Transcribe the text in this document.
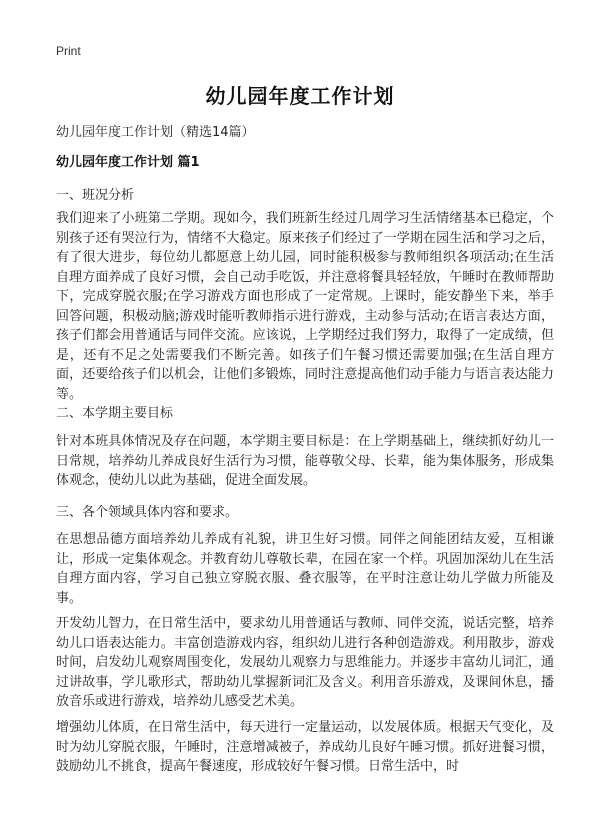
Print
幼儿园年度工作计划
幼儿园年度工作计划（精选14篇）
幼儿园年度工作计划 篇1
一、班况分析
我们迎来了小班第二学期。现如今，我们班新生经过几周学习生活情绪基本已稳定，个别孩子还有哭泣行为，情绪不大稳定。原来孩子们经过了一学期在园生活和学习之后，有了很大进步，每位幼儿都愿意上幼儿园，同时能积极参与教师组织各项活动;在生活自理方面养成了良好习惯，会自己动手吃饭，并注意将餐具轻轻放，午睡时在教师帮助下，完成穿脱衣服;在学习游戏方面也形成了一定常规。上课时，能安静坐下来，举手回答问题，积极动脑;游戏时能听教师指示进行游戏，主动参与活动;在语言表达方面，孩子们都会用普通话与同伴交流。应该说，上学期经过我们努力，取得了一定成绩，但是，还有不足之处需要我们不断完善。如孩子们午餐习惯还需要加强;在生活自理方面，还要给孩子们以机会，让他们多锻炼，同时注意提高他们动手能力与语言表达能力等。
二、本学期主要目标
针对本班具体情况及存在问题，本学期主要目标是：在上学期基础上，继续抓好幼儿一日常规，培养幼儿养成良好生活行为习惯，能尊敬父母、长辈，能为集体服务，形成集体观念，使幼儿以此为基础，促进全面发展。
三、各个领域具体内容和要求。
在思想品德方面培养幼儿养成有礼貌，讲卫生好习惯。同伴之间能团结友爱，互相谦让，形成一定集体观念。并教育幼儿尊敬长辈，在园在家一个样。巩固加深幼儿在生活自理方面内容，学习自己独立穿脱衣服、叠衣服等，在平时注意让幼儿学做力所能及事。
开发幼儿智力，在日常生活中，要求幼儿用普通话与教师、同伴交流，说话完整，培养幼儿口语表达能力。丰富创造游戏内容，组织幼儿进行各种创造游戏。利用散步，游戏时间，启发幼儿观察周围变化，发展幼儿观察力与思维能力。并逐步丰富幼儿词汇，通过讲故事，学儿歌形式，帮助幼儿掌握新词汇及含义。利用音乐游戏，及课间休息，播放音乐或进行游戏，培养幼儿感受艺术美。
增强幼儿体质，在日常生活中，每天进行一定量运动，以发展体质。根据天气变化，及时为幼儿穿脱衣服，午睡时，注意增减被子，养成幼儿良好午睡习惯。抓好进餐习惯，鼓励幼儿不挑食，提高午餐速度，形成较好午餐习惯。日常生活中，时
